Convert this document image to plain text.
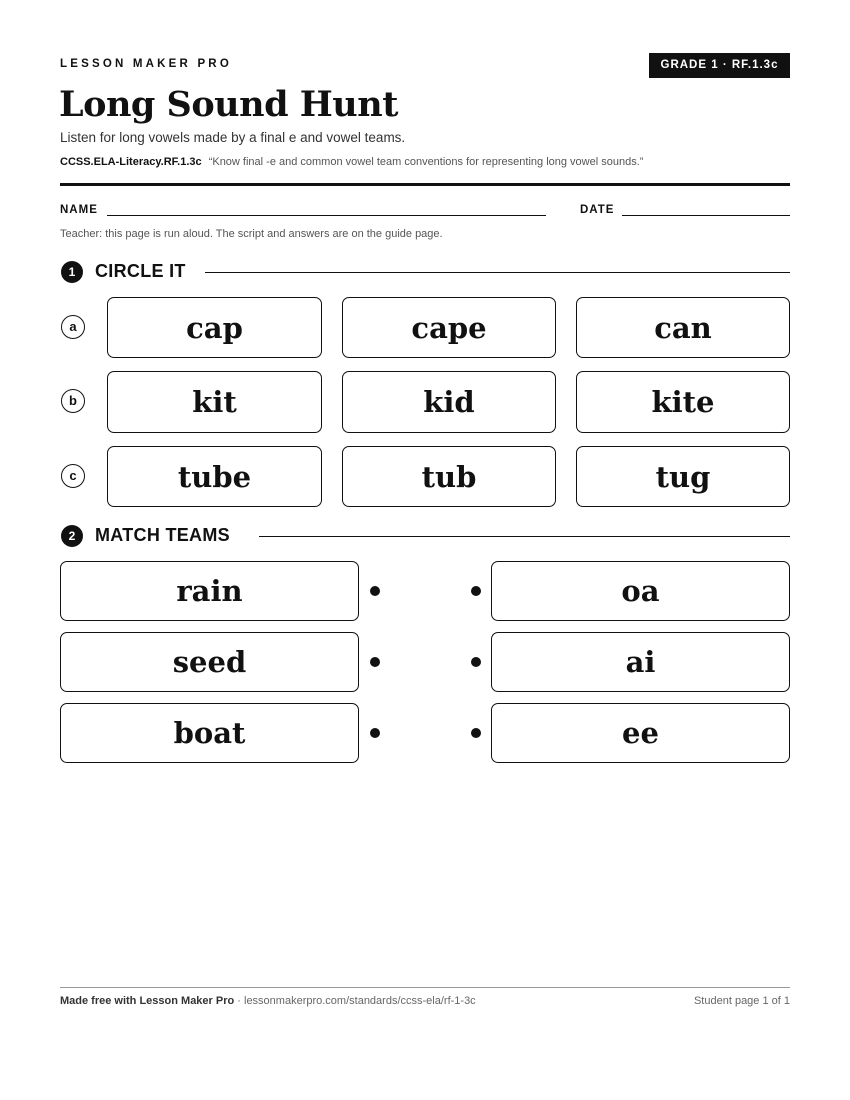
LESSON MAKER PRO	GRADE 1 · RF.1.3c
Long Sound Hunt
Listen for long vowels made by a final e and vowel teams.
CCSS.ELA-Literacy.RF.1.3c “Know final -e and common vowel team conventions for representing long vowel sounds.”
NAME	DATE
Teacher: this page is run aloud. The script and answers are on the guide page.
1	CIRCLE IT
a	cap	cape	can
b	kit	kid	kite
c	tube	tub	tug
2	MATCH TEAMS
rain	oa
seed	ai
boat	ee
Made free with Lesson Maker Pro · lessonmakerpro.com/standards/ccss-ela/rf-1-3c	Student page 1 of 1
